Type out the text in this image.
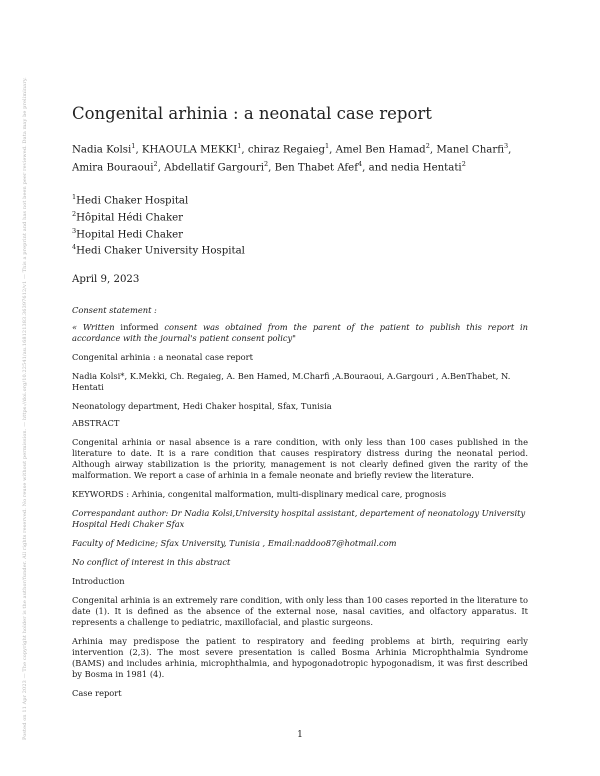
Posted on 11 Apr 2023 — The copyright holder is the author/funder. All rights reserved. No reuse without permission. — https://doi.org/10.22541/au.168121383.36397612/v1 — This a preprint and has not been peer reviewed. Data may be preliminary.	Congenital arhinia : a neonatal case report
Nadia Kolsi$^1$, KHAOULA MEKKI$^1$, chiraz Regaieg$^1$, Amel Ben Hamad$^2$, Manel Charfi$^3$,
Amira Bouraoui$^2$, Abdellatif Gargouri$^2$, Ben Thabet Afef$^4$, and nedia Hentati$^2$
$^1$Hedi Chaker Hospital
$^2$Hôpital Hédi Chaker
$^3$Hopital Hedi Chaker
$^4$Hedi Chaker University Hospital
April 9, 2023

Consent statement :

« Written informed consent was obtained from the parent of the patient to publish this report in accordance with the journal's patient consent policy"

Congenital arhinia : a neonatal case report

Nadia Kolsi*, K.Mekki, Ch. Regaieg, A. Ben Hamed, M.Charfi ,A.Bouraoui, A.Gargouri , A.BenThabet, N. Hentati

Neonatology department, Hedi Chaker hospital, Sfax, Tunisia

ABSTRACT

Congenital arhinia or nasal absence is a rare condition, with only less than 100 cases published in the literature to date. It is a rare condition that causes respiratory distress during the neonatal period. Although airway stabilization is the priority, management is not clearly defined given the rarity of the malformation. We report a case of arhinia in a female neonate and briefly review the literature.

KEYWORDS : Arhinia, congenital malformation, multi-displinary medical care, prognosis

Correspandant author: Dr Nadia Kolsi,University hospital assistant, departement of neonatology University Hospital Hedi Chaker Sfax

Faculty of Medicine; Sfax University, Tunisia , Email:naddoo87@hotmail.com

No conflict of interest in this abstract

Introduction

Congenital arhinia is an extremely rare condition, with only less than 100 cases reported in the literature to date (1). It is defined as the absence of the external nose, nasal cavities, and olfactory apparatus. It represents a challenge to pediatric, maxillofacial, and plastic surgeons.

Arhinia may predispose the patient to respiratory and feeding problems at birth, requiring early intervention (2,3). The most severe presentation is called Bosma Arhinia Microphthalmia Syndrome (BAMS) and includes arhinia, microphthalmia, and hypogonadotropic hypogonadism, it was first described by Bosma in 1981 (4).

Case report

1
